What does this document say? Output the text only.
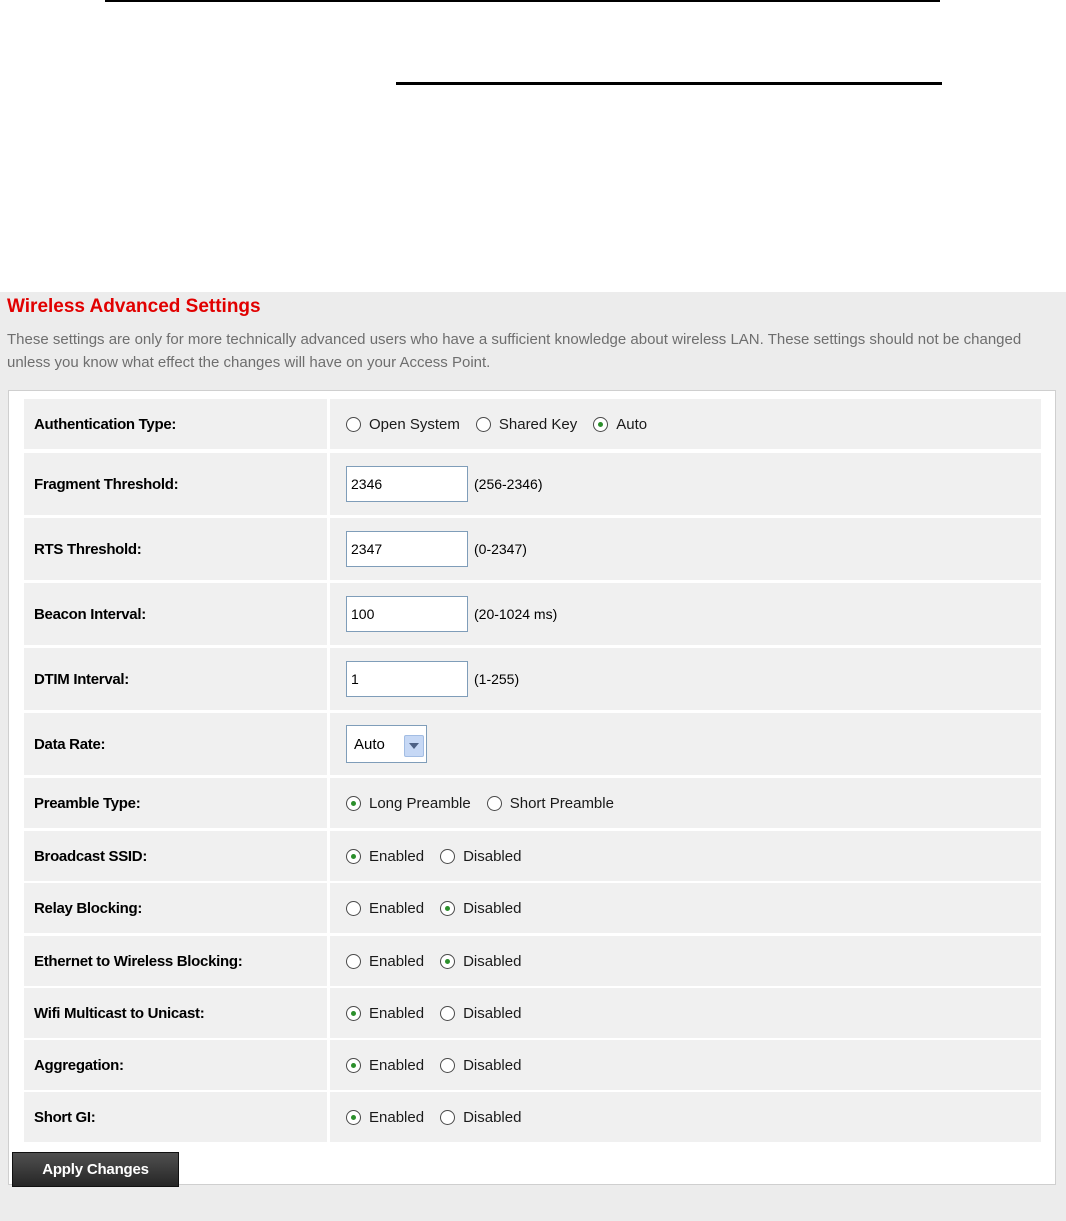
Wireless Advanced Settings
These settings are only for more technically advanced users who have a sufficient knowledge about wireless LAN. These settings should not be changed unless you know what effect the changes will have on your Access Point.
Authentication Type:	Open System	Shared Key	Auto
Fragment Threshold:
2346	(256-2346)
RTS Threshold:
2347	(0-2347)
Beacon Interval:
100	(20-1024 ms)
DTIM Interval:
1	(1-255)
Data Rate:	Auto
Preamble Type:	Long Preamble	Short Preamble
Broadcast SSID:	Enabled	Disabled
Relay Blocking:	Enabled	Disabled
Ethernet to Wireless Blocking:	Enabled	Disabled
Wifi Multicast to Unicast:	Enabled	Disabled
Aggregation:	Enabled	Disabled
Short GI:	Enabled	Disabled
Apply Changes
